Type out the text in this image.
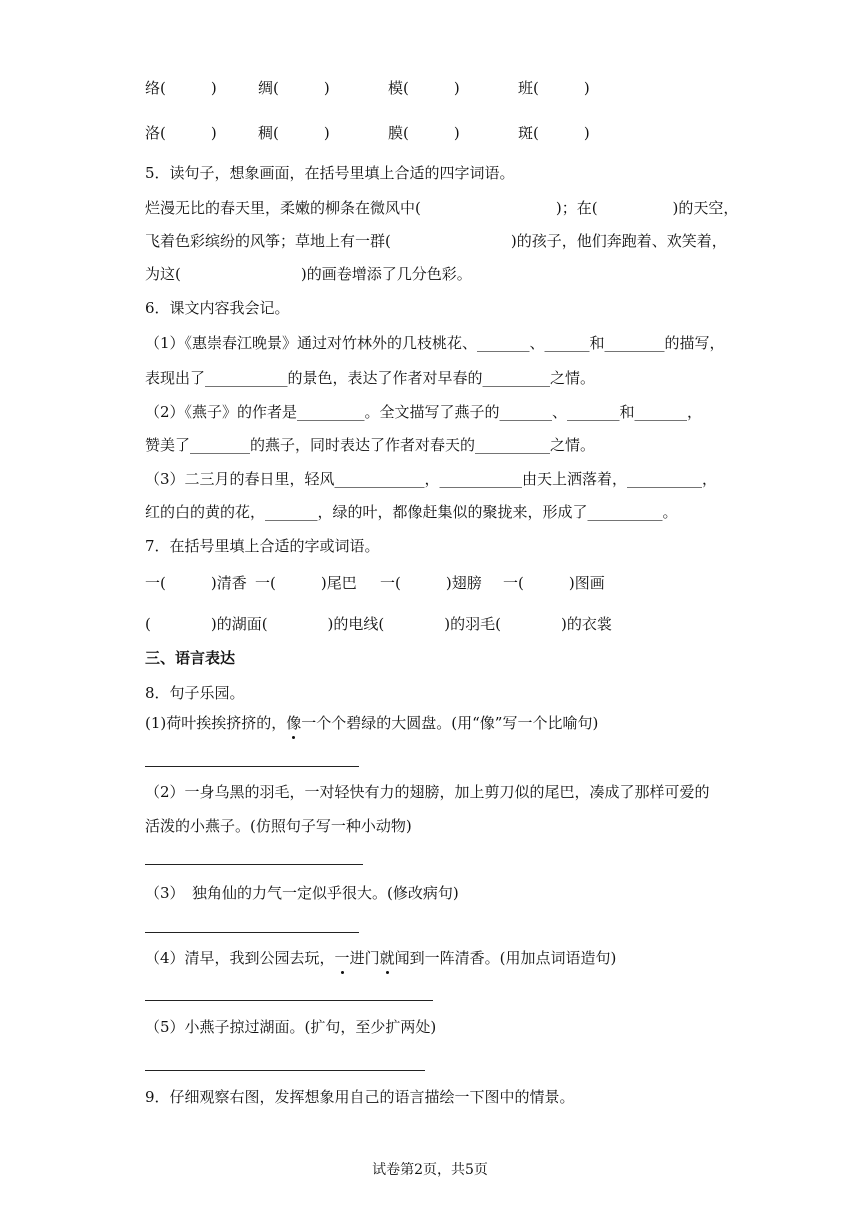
络(　　　)	绸(　　　)	模(　　　)	班(　　　)
洛(　　　)	稠(　　　)	膜(　　　)	斑(　　　)
5．读句子，想象画面，在括号里填上合适的四字词语。
烂漫无比的春天里，柔嫩的柳条在微风中(　　　　　　　　　)；在(　　　　　)的天空，
飞着色彩缤纷的风筝；草地上有一群(　　　　　　　　)的孩子，他们奔跑着、欢笑着，
为这(　　　　　　　　)的画卷增添了几分色彩。
6．课文内容我会记。
（1）《惠崇春江晚景》通过对竹林外的几枝桃花、_______、______和________的描写，
表现出了___________的景色，表达了作者对早春的_________之情。
（2）《燕子》的作者是_________。全文描写了燕子的_______、_______和_______，
赞美了________的燕子，同时表达了作者对春天的__________之情。
（3）二三月的春日里，轻风____________，___________由天上洒落着，__________，
红的白的黄的花，_______，绿的叶，都像赶集似的聚拢来，形成了__________。
7．在括号里填上合适的字或词语。
一(　　　)清香 一(　　　)尾巴 一(　　　)翅膀 一(　　　)图画
(　　　　)的湖面(　　　　)的电线(　　　　)的羽毛(　　　　)的衣裳
三、语言表达
8．句子乐园。
(1)荷叶挨挨挤挤的，像一个个碧绿的大圆盘。(用“像”写一个比喻句)
（2）一身乌黑的羽毛，一对轻快有力的翅膀，加上剪刀似的尾巴，凑成了那样可爱的
活泼的小燕子。(仿照句子写一种小动物)
（3）　独角仙的力气一定似乎很大。(修改病句)
（4）清早，我到公园去玩，一进门就闻到一阵清香。(用加点词语造句)
（5）小燕子掠过湖面。(扩句，至少扩两处)
9．仔细观察右图，发挥想象用自己的语言描绘一下图中的情景。
试卷第2页，共5页
